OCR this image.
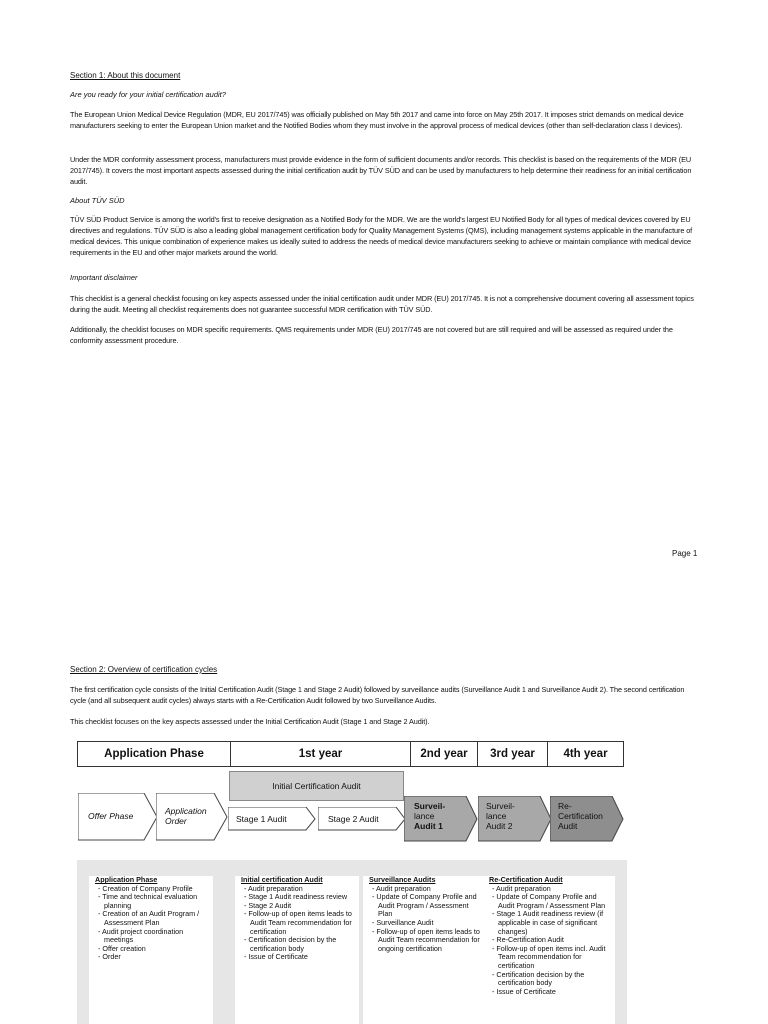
Section 1: About this document
Are you ready for your initial certification audit?
The European Union Medical Device Regulation (MDR, EU 2017/745) was officially published on May 5th 2017 and came into force on May 25th 2017. It imposes strict demands on medical device manufacturers seeking to enter the European Union market and the Notified Bodies whom they must involve in the approval process of medical devices (other than self-declaration class I devices).
Under the MDR conformity assessment process, manufacturers must provide evidence in the form of sufficient documents and/or records. This checklist is based on the requirements of the MDR (EU 2017/745). It covers the most important aspects assessed during the initial certification audit by TÜV SÜD and can be used by manufacturers to help determine their readiness for an initial certification audit.
About TÜV SÜD
TÜV SÜD Product Service is among the world's first to receive designation as a Notified Body for the MDR. We are the world's largest EU Notified Body for all types of medical devices covered by EU directives and regulations. TÜV SÜD is also a leading global management certification body for Quality Management Systems (QMS), including management systems applicable in the manufacture of medical devices. This unique combination of experience makes us ideally suited to address the needs of medical device manufacturers seeking to achieve or maintain compliance with medical device requirements in the EU and other major markets around the world.
Important disclaimer
This checklist is a general checklist focusing on key aspects assessed under the initial certification audit under MDR (EU) 2017/745. It is not a comprehensive document covering all assessment topics during the audit. Meeting all checklist requirements does not guarantee successful MDR certification with TÜV SÜD.
Additionally, the checklist focuses on MDR specific requirements. QMS requirements under MDR (EU) 2017/745 are not covered but are still required and will be assessed as required under the conformity assessment procedure.
Page 1
Section 2: Overview of certification cycles
The first certification cycle consists of the Initial Certification Audit (Stage 1 and Stage 2 Audit) followed by surveillance audits (Surveillance Audit 1 and Surveillance Audit 2). The second certification cycle (and all subsequent audit cycles) always starts with a Re-Certification Audit followed by two Surveillance Audits.
This checklist focuses on the key aspects assessed under the Initial Certification Audit (Stage 1 and Stage 2 Audit).
Application Phase	1st year	2nd year	3rd year	4th year
Initial Certification Audit
Offer Phase	Application
Order	Stage 1 Audit	Stage 2 Audit
Surveil-
lance
Audit 1
Surveil-
lance
Audit 2
Re-
Certification
Audit
Application Phase
- Creation of Company Profile
- Time and technical evaluation planning
- Creation of an Audit Program / Assessment Plan
- Audit project coordination meetings
- Offer creation
- Order
Initial certification Audit
- Audit preparation
- Stage 1 Audit readiness review
- Stage 2 Audit
- Follow-up of open items leads to Audit Team recommendation for certification
- Certification decision by the certification body
- Issue of Certificate
Surveillance Audits
- Audit preparation
- Update of Company Profile and Audit Program / Assessment Plan
- Surveillance Audit
- Follow-up of open items leads to Audit Team recommendation for ongoing certification
Re-Certification Audit
- Audit preparation
- Update of Company Profile and Audit Program / Assessment Plan
- Stage 1 Audit readiness review (if applicable in case of significant changes)
- Re-Certification Audit
- Follow-up of open items incl. Audit Team recommendation for certification
- Certification decision by the certification body
- Issue of Certificate
